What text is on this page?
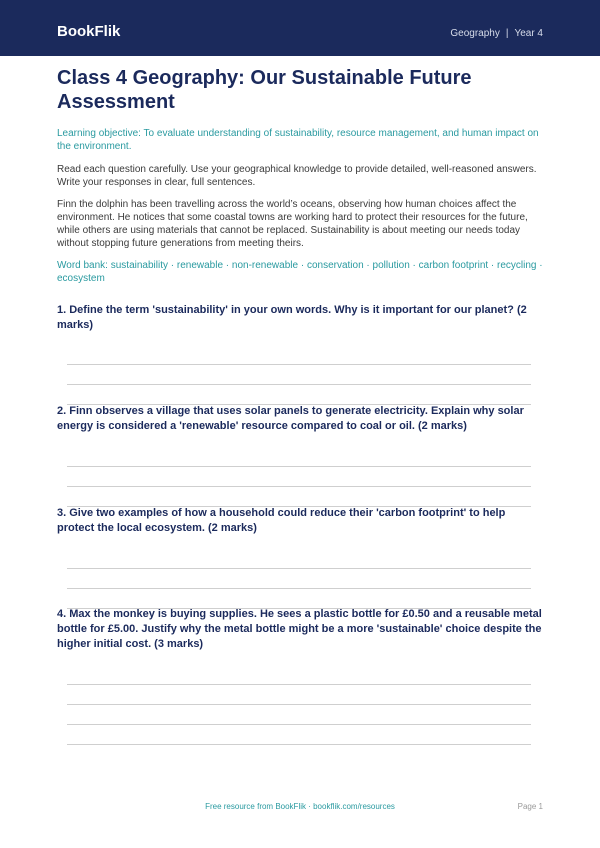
BookFlik	Geography | Year 4
Class 4 Geography: Our Sustainable Future Assessment

Learning objective: To evaluate understanding of sustainability, resource management, and human impact on the environment.

Read each question carefully. Use your geographical knowledge to provide detailed, well-reasoned answers. Write your responses in clear, full sentences.

Finn the dolphin has been travelling across the world’s oceans, observing how human choices affect the environment. He notices that some coastal towns are working hard to protect their resources for the future, while others are using materials that cannot be replaced. Sustainability is about meeting our needs today without stopping future generations from meeting theirs.

Word bank: sustainability · renewable · non-renewable · conservation · pollution · carbon footprint · recycling · ecosystem

1. Define the term 'sustainability' in your own words. Why is it important for our planet? (2 marks)

2. Finn observes a village that uses solar panels to generate electricity. Explain why solar energy is considered a 'renewable' resource compared to coal or oil. (2 marks)

3. Give two examples of how a household could reduce their 'carbon footprint' to help protect the local ecosystem. (2 marks)

4. Max the monkey is buying supplies. He sees a plastic bottle for £0.50 and a reusable metal bottle for £5.00. Justify why the metal bottle might be a more 'sustainable' choice despite the higher initial cost. (3 marks)

Free resource from BookFlik · bookflik.com/resources	Page 1
